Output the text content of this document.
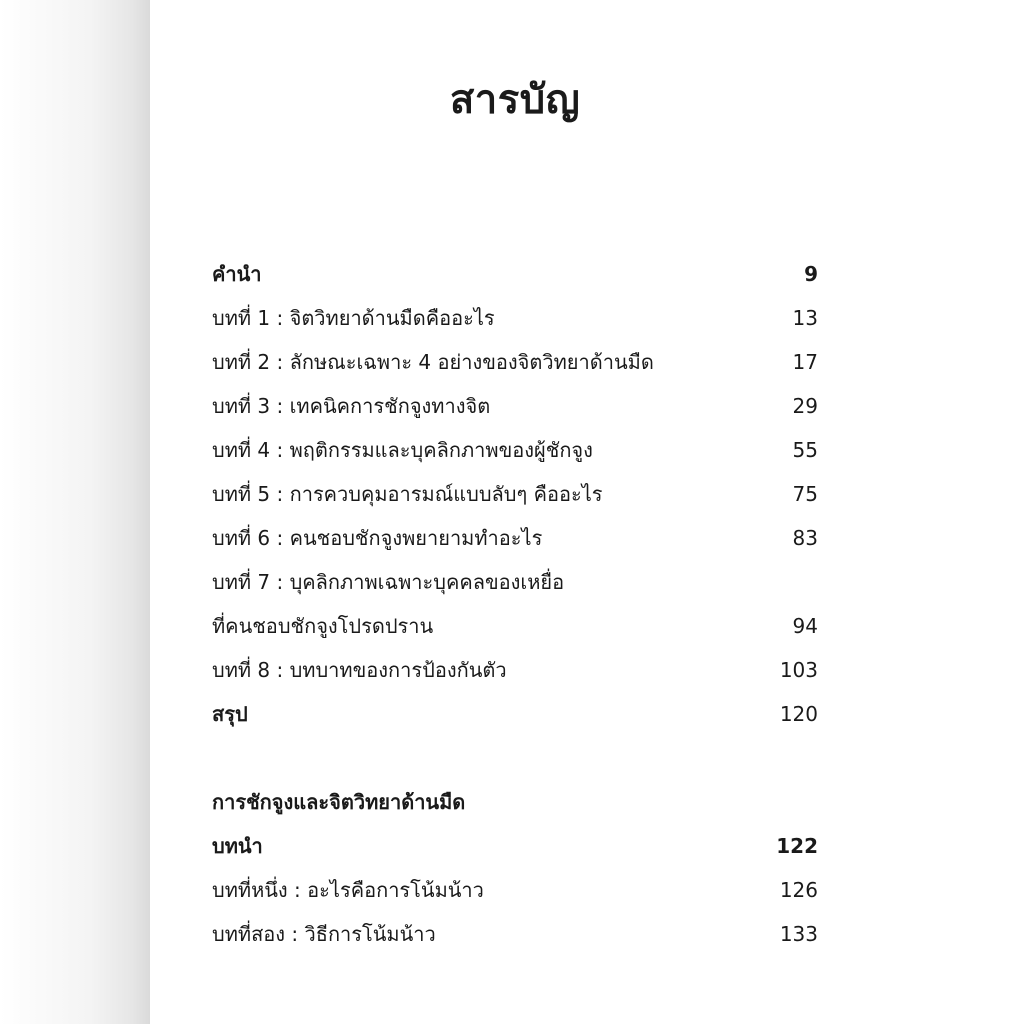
สารบัญ
คำนำ	9
บทที่ 1 : จิตวิทยาด้านมืดคืออะไร	13
บทที่ 2 : ลักษณะเฉพาะ 4 อย่างของจิตวิทยาด้านมืด	17
บทที่ 3 : เทคนิคการชักจูงทางจิต	29
บทที่ 4 : พฤติกรรมและบุคลิกภาพของผู้ชักจูง	55
บทที่ 5 : การควบคุมอารมณ์แบบลับๆ คืออะไร	75
บทที่ 6 : คนชอบชักจูงพยายามทำอะไร	83
บทที่ 7 : บุคลิกภาพเฉพาะบุคคลของเหยื่อ
ที่คนชอบชักจูงโปรดปราน	94
บทที่ 8 : บทบาทของการป้องกันตัว	103
สรุป	120
การชักจูงและจิตวิทยาด้านมืด
บทนำ	122
บทที่หนึ่ง : อะไรคือการโน้มน้าว	126
บทที่สอง : วิธีการโน้มน้าว	133
